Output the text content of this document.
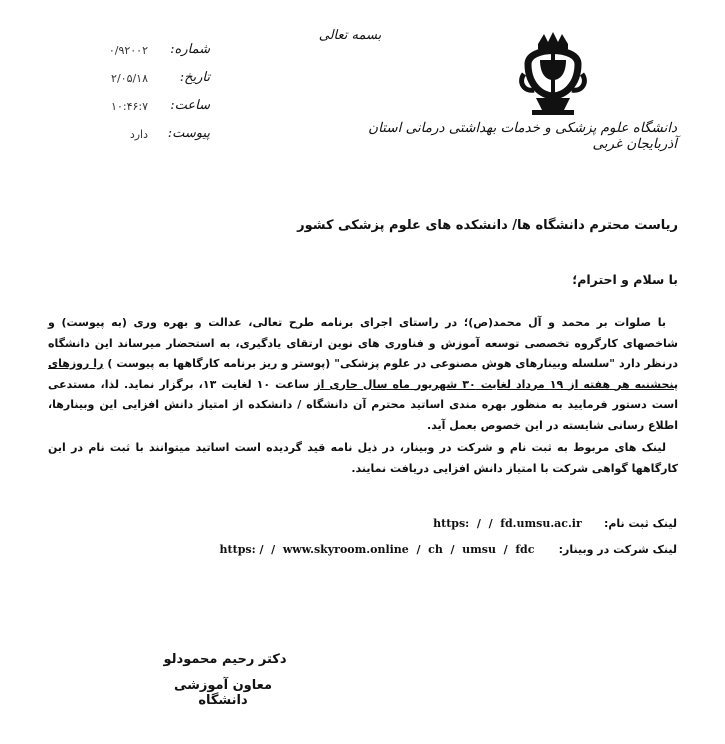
بسمه تعالی
دانشگاه علوم پزشکی و خدمات بهداشتی درمانی استان آذربایجان غربی
شماره:
۰/۹۲۰۰۲
تاریخ:
۲/۰۵/۱۸
ساعت:
۱۰:۴۶:۷
پیوست:
دارد
ریاست محترم دانشگاه ها/ دانشکده های علوم پزشکی کشور
با سلام و احترام؛

با صلوات بر محمد و آل محمد(ص)؛ در راستای اجرای برنامه طرح تعالی، عدالت و بهره وری (به پیوست) و شاخصهای کارگروه تخصصی توسعه آموزش و فناوری های نوین ارتقای یادگیری، به استحضار میرساند این دانشگاه درنظر دارد "سلسله وبینارهای هوش مصنوعی در علوم پزشکی" (پوستر و ریز برنامه کارگاهها به پیوست ) را روزهای پنجشنبه هر هفته از ۱۹ مرداد لغایت ۳۰ شهریور ماه سال جاری از ساعت ۱۰ لغایت ۱۳، برگزار نماید. لذا، مستدعی است دستور فرمایید به منظور بهره مندی اساتید محترم آن دانشگاه / دانشکده از امتیاز دانش افزایی این وبینارها، اطلاع رسانی شایسته در این خصوص بعمل آید.

لینک های مربوط به ثبت نام و شرکت در وبینار، در ذیل نامه قید گردیده است اساتید میتوانند با ثبت نام در این کارگاهها گواهی شرکت با امتیاز دانش افزایی دریافت نمایند.

لینک ثبت نام:  https:  /  /  fd.umsu.ac.ir
لینک شرکت در وبینار:  https: /  /  www.skyroom.online  /  ch  /  umsu  /  fdc
دکتر رحیم محمودلو
معاون آموزشی دانشگاه
